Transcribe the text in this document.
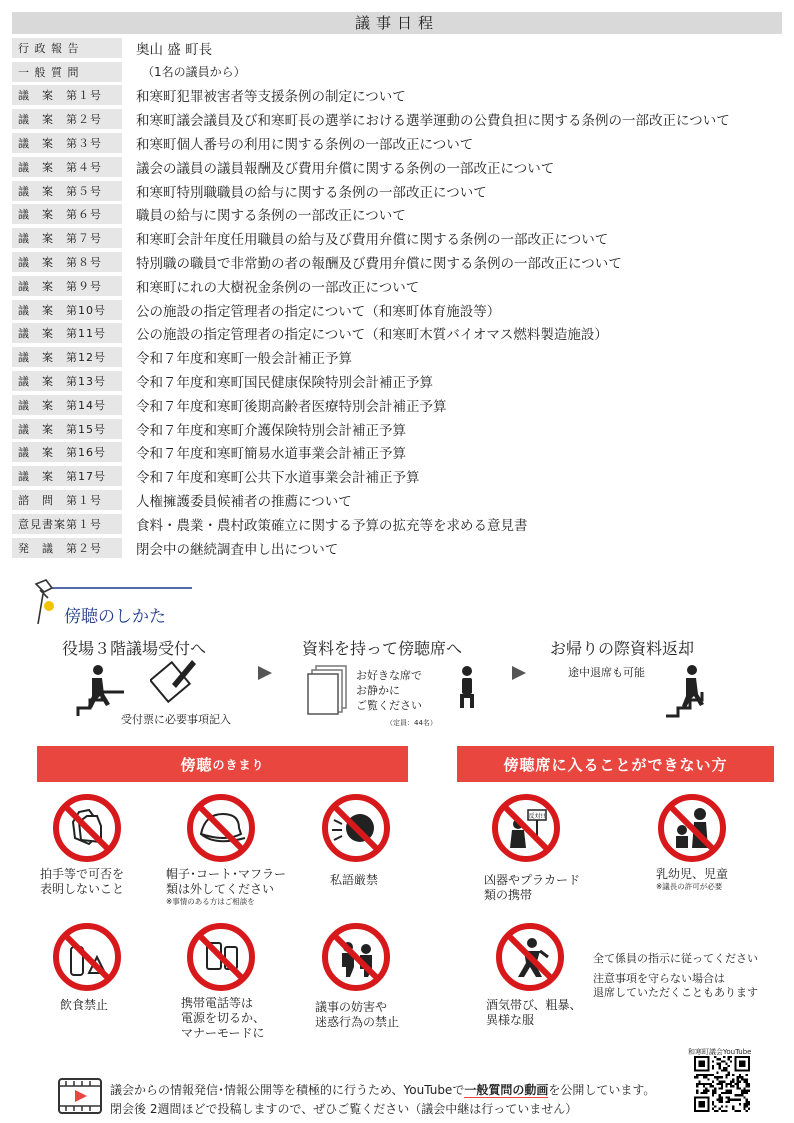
議事日程
行 政 報 告	奥山 盛 町長
一 般 質 問	（1名の議員から）
議　案　第１号	和寒町犯罪被害者等支援条例の制定について
議　案　第２号	和寒町議会議員及び和寒町長の選挙における選挙運動の公費負担に関する条例の一部改正について
議　案　第３号	和寒町個人番号の利用に関する条例の一部改正について
議　案　第４号	議会の議員の議員報酬及び費用弁償に関する条例の一部改正について
議　案　第５号	和寒町特別職職員の給与に関する条例の一部改正について
議　案　第６号	職員の給与に関する条例の一部改正について
議　案　第７号	和寒町会計年度任用職員の給与及び費用弁償に関する条例の一部改正について
議　案　第８号	特別職の職員で非常勤の者の報酬及び費用弁償に関する条例の一部改正について
議　案　第９号	和寒町にれの大樹祝金条例の一部改正について
議　案　第10号	公の施設の指定管理者の指定について（和寒町体育施設等）
議　案　第11号	公の施設の指定管理者の指定について（和寒町木質バイオマス燃料製造施設）
議　案　第12号	令和７年度和寒町一般会計補正予算
議　案　第13号	令和７年度和寒町国民健康保険特別会計補正予算
議　案　第14号	令和７年度和寒町後期高齢者医療特別会計補正予算
議　案　第15号	令和７年度和寒町介護保険特別会計補正予算
議　案　第16号	令和７年度和寒町簡易水道事業会計補正予算
議　案　第17号	令和７年度和寒町公共下水道事業会計補正予算
諮　問　第１号	人権擁護委員候補者の推薦について
意見書案第１号	食料・農業・農村政策確立に関する予算の拡充等を求める意見書
発　議　第２号	閉会中の継続調査申し出について
傍聴のしかた
役場３階議場受付へ
受付票に必要事項記入
資料を持って傍聴席へ
お好きな席で
お静かに
ご覧ください
（定員：44名）
お帰りの際資料返却
途中退席も可能
傍聴 のきまり	傍聴席 に入ることができない方
拍手等で可否を
表明しないこと
帽子･コート･マフラー
類は外してください
※事情のある方はご相談を
私語厳禁
飲食禁止	携帯電話等は
電源を切るか、
マナーモードに
議事の妨害や
迷惑行為の禁止
反対!!
凶器やプラカード
類の携帯
乳幼児、児童
※議長の許可が必要
酒気帯び、粗暴、
異様な服
全て係員の指示に従ってください
注意事項を守らない場合は
退席していただくこともあります
議会からの情報発信･情報公開等を積極的に行うため、YouTubeで一般質問の動画を公開しています。
閉会後 2週間ほどで投稿しますので、ぜひご覧ください（議会中継は行っていません）
和寒町議会YouTube
